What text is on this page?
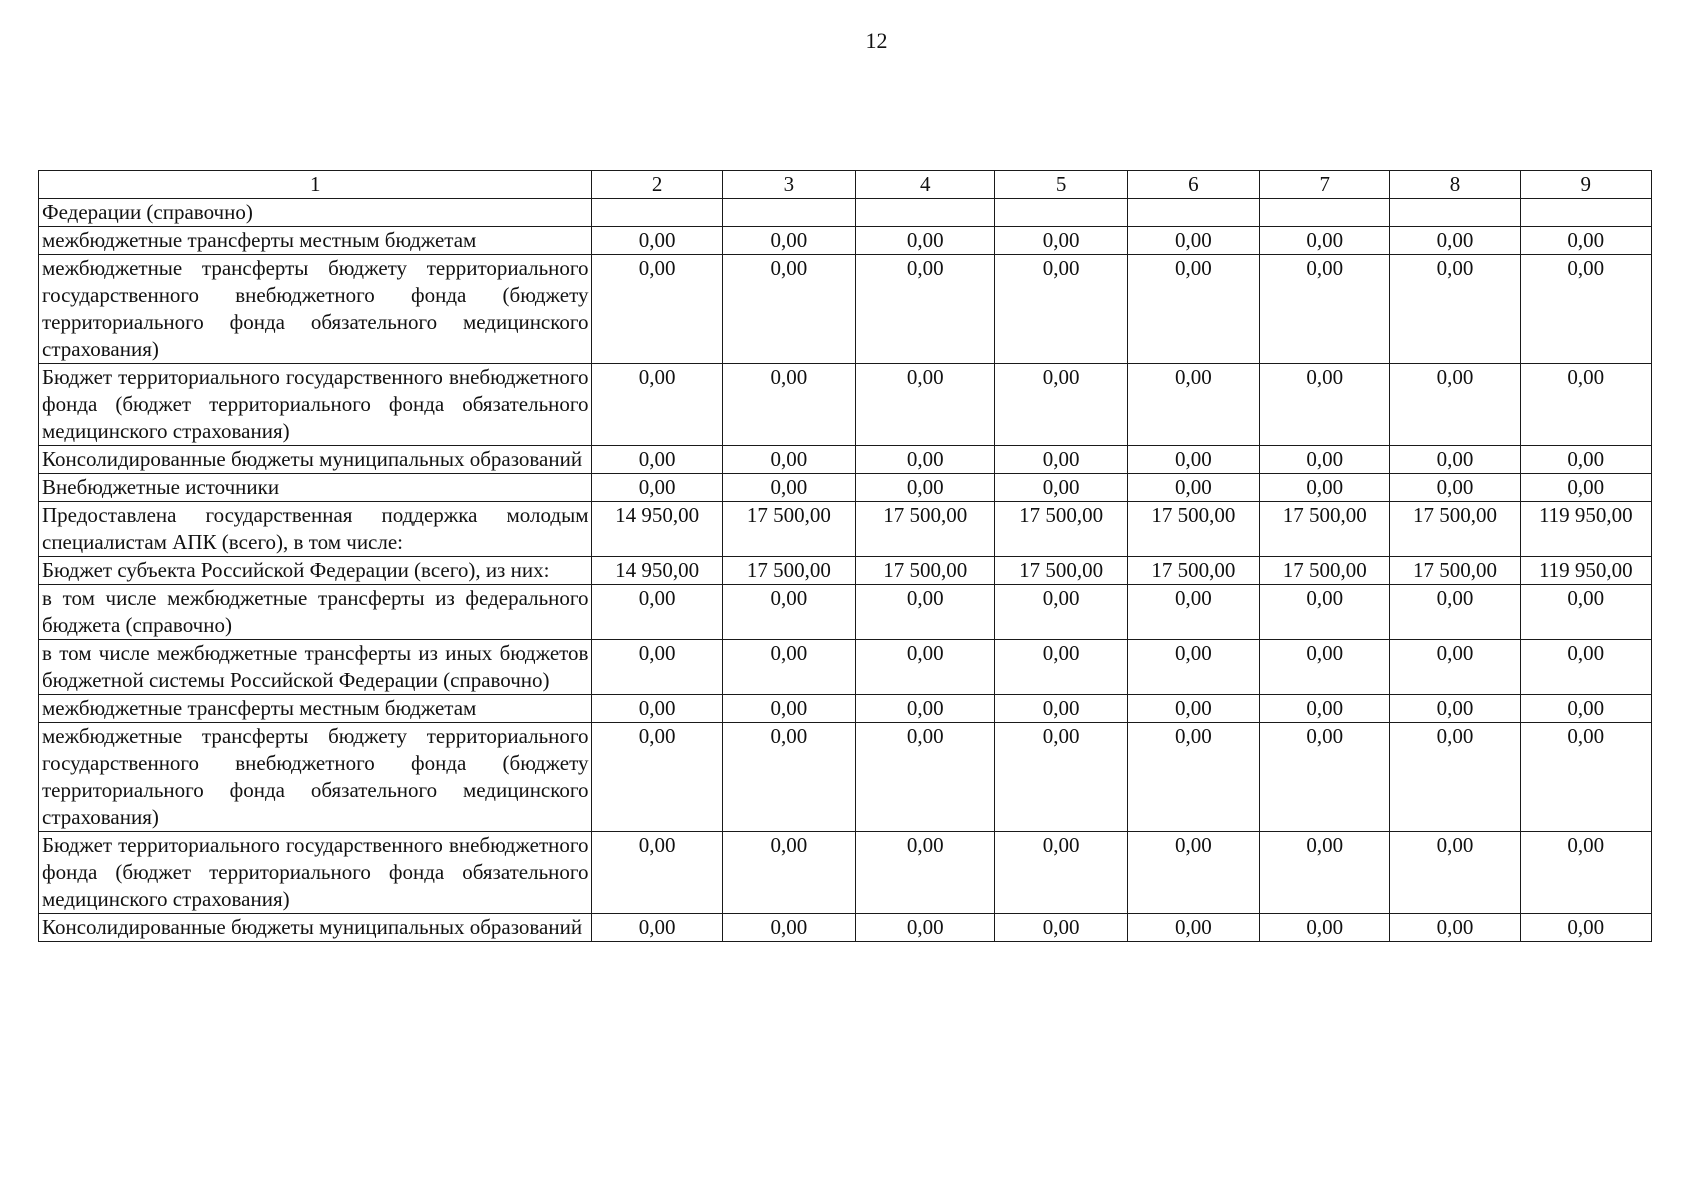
12
1	2	3	4	5	6	7	8	9
Федерации (справочно)								
межбюджетные трансферты местным бюджетам	0,00	0,00	0,00	0,00	0,00	0,00	0,00	0,00
межбюджетные трансферты бюджету территориального государственного внебюджетного фонда (бюджету территориального фонда обязательного медицинского страхования)	0,00	0,00	0,00	0,00	0,00	0,00	0,00	0,00
Бюджет территориального государственного внебюджетного фонда (бюджет территориального фонда обязательного медицинского страхования)	0,00	0,00	0,00	0,00	0,00	0,00	0,00	0,00
Консолидированные бюджеты муниципальных образований	0,00	0,00	0,00	0,00	0,00	0,00	0,00	0,00
Внебюджетные источники	0,00	0,00	0,00	0,00	0,00	0,00	0,00	0,00
Предоставлена государственная поддержка молодым специалистам АПК (всего), в том числе:	14 950,00	17 500,00	17 500,00	17 500,00	17 500,00	17 500,00	17 500,00	119 950,00
Бюджет субъекта Российской Федерации (всего), из них:	14 950,00	17 500,00	17 500,00	17 500,00	17 500,00	17 500,00	17 500,00	119 950,00
в том числе межбюджетные трансферты из федерального бюджета (справочно)	0,00	0,00	0,00	0,00	0,00	0,00	0,00	0,00
в том числе межбюджетные трансферты из иных бюджетов бюджетной системы Российской Федерации (справочно)	0,00	0,00	0,00	0,00	0,00	0,00	0,00	0,00
межбюджетные трансферты местным бюджетам	0,00	0,00	0,00	0,00	0,00	0,00	0,00	0,00
межбюджетные трансферты бюджету территориального государственного внебюджетного фонда (бюджету территориального фонда обязательного медицинского страхования)	0,00	0,00	0,00	0,00	0,00	0,00	0,00	0,00
Бюджет территориального государственного внебюджетного фонда (бюджет территориального фонда обязательного медицинского страхования)	0,00	0,00	0,00	0,00	0,00	0,00	0,00	0,00
Консолидированные бюджеты муниципальных образований	0,00	0,00	0,00	0,00	0,00	0,00	0,00	0,00
